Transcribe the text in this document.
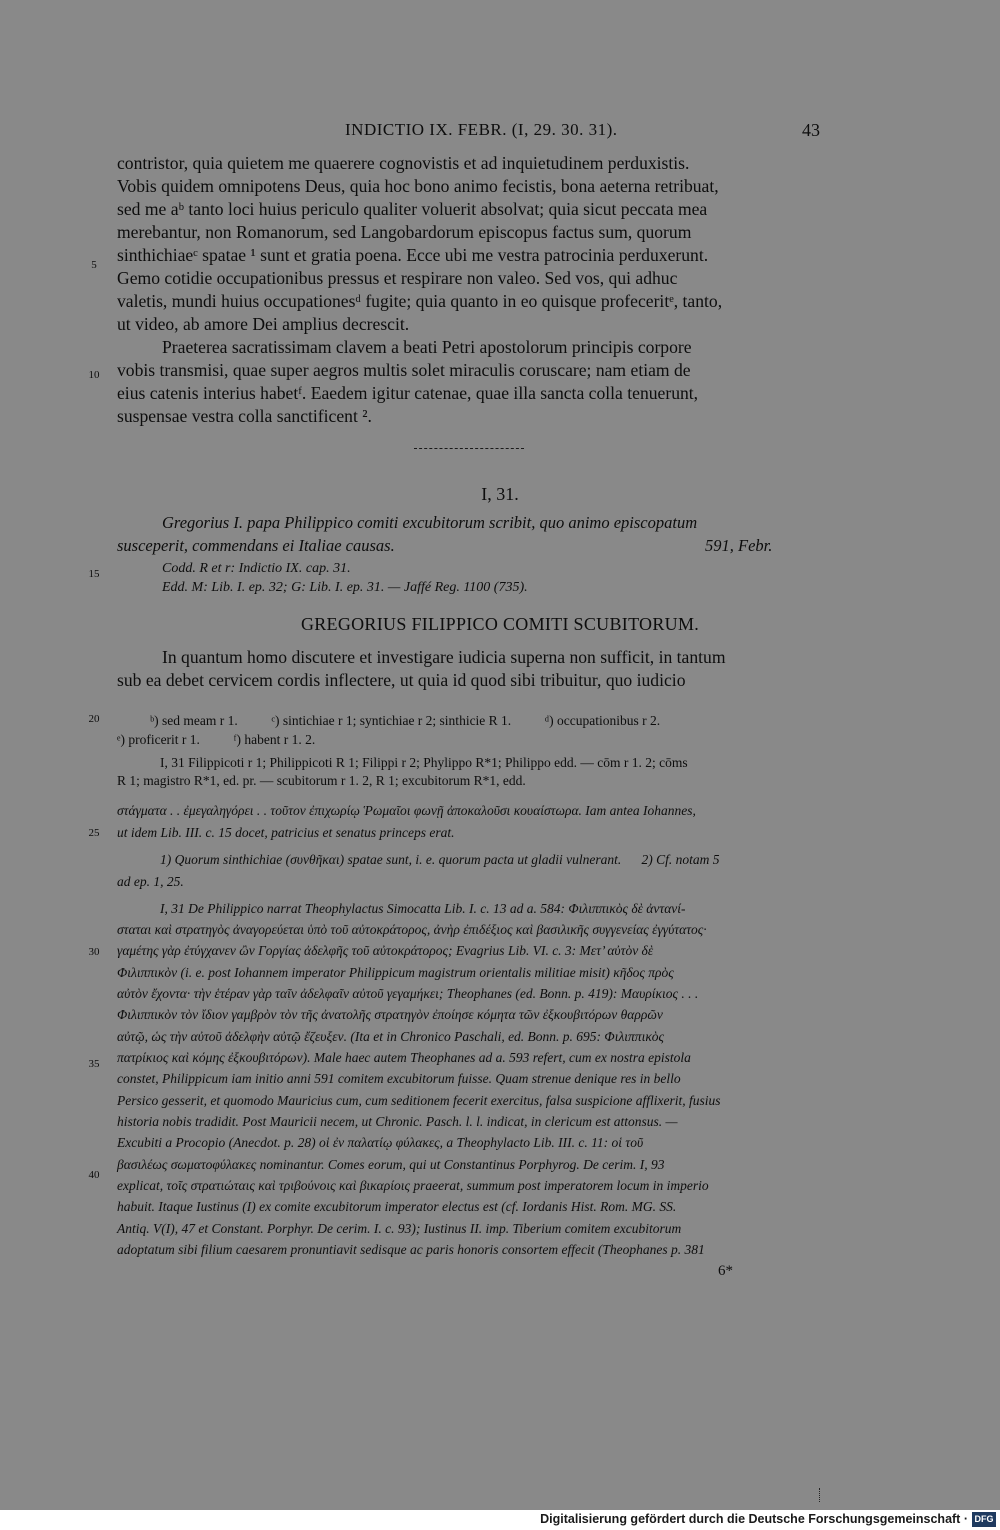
INDICTIO IX. FEBR. (I, 29. 30. 31).	43
contristor, quia quietem me quaerere cognovistis et ad inquietudinem perduxistis.
Vobis quidem omnipotens Deus, quia hoc bono animo fecistis, bona aeterna retribuat,
sed me aᵇ tanto loci huius periculo qualiter voluerit absolvat; quia sicut peccata mea
merebantur, non Romanorum, sed Langobardorum episcopus factus sum, quorum
sinthichiaeᶜ spatae ¹ sunt et gratia poena. Ecce ubi me vestra patrocinia perduxerunt.
Gemo cotidie occupationibus pressus et respirare non valeo. Sed vos, qui adhuc
valetis, mundi huius occupationesᵈ fugite; quia quanto in eo quisque profeceritᵉ, tanto,
ut video, ab amore Dei amplius decrescit.
Praeterea sacratissimam clavem a beati Petri apostolorum principis corpore
vobis transmisi, quae super aegros multis solet miraculis coruscare; nam etiam de
eius catenis interius habetᶠ. Eaedem igitur catenae, quae illa sancta colla tenuerunt,
suspensae vestra colla sanctificent ².
5
10
15
20
25
30
35
40
I, 31.
Gregorius I. papa Philippico comiti excubitorum scribit, quo animo episcopatum
susceperit, commendans ei Italiae causas.	591, Febr.
Codd. R et r: Indictio IX. cap. 31.
Edd. M: Lib. I. ep. 32; G: Lib. I. ep. 31. — Jaffé Reg. 1100 (735).
GREGORIUS FILIPPICO COMITI SCUBITORUM.
In quantum homo discutere et investigare iudicia superna non sufficit, in tantum
sub ea debet cervicem cordis inflectere, ut quia id quod sibi tribuitur, quo iudicio
ᵇ) sed meam r 1.          ᶜ) sintichiae r 1; syntichiae r 2; sinthicie R 1.          ᵈ) occupationibus r 2.
ᵉ) proficerit r 1.          ᶠ) habent r 1. 2.
I, 31 Filippicoti r 1; Philippicoti R 1; Filippi r 2; Phylippo R*1; Philippo edd. — cōm r 1. 2; cōms
R 1; magistro R*1, ed. pr. — scubitorum r 1. 2, R 1; excubitorum R*1, edd.
στάγματα . . ἐμεγαληγόρει . . τοῦτον ἐπιχωρίῳ Ῥωμαῖοι φωνῇ ἀποκαλοῦσι κουαίστωρα. Iam antea Iohannes,
ut idem Lib. III. c. 15 docet, patricius et senatus princeps erat.
1) Quorum sinthichiae (συνθῆκαι) spatae sunt, i. e. quorum pacta ut gladii vulnerant.      2) Cf. notam 5
ad ep. 1, 25.
I, 31 De Philippico narrat Theophylactus Simocatta Lib. I. c. 13 ad a. 584: Φιλιππικὸς δὲ ἀντανί-
σταται καὶ στρατηγὸς ἀναγορεύεται ὑπὸ τοῦ αὐτοκράτορος, ἀνὴρ ἐπιδέξιος καὶ βασιλικῆς συγγενείας ἐγγύτατος·
γαμέτης γὰρ ἐτύγχανεν ὢν Γοργίας ἀδελφῆς τοῦ αὐτοκράτορος; Evagrius Lib. VI. c. 3: Μετ’ αὐτὸν δὲ
Φιλιππικὸν (i. e. post Iohannem imperator Philippicum magistrum orientalis militiae misit) κῆδος πρὸς
αὐτὸν ἔχοντα· τὴν ἑτέραν γὰρ ταῖν ἀδελφαῖν αὐτοῦ γεγαμήκει; Theophanes (ed. Bonn. p. 419): Μαυρίκιος . . .
Φιλιππικὸν τὸν ἴδιον γαμβρὸν τὸν τῆς ἀνατολῆς στρατηγὸν ἐποίησε κόμητα τῶν ἐξκουβιτόρων θαρρῶν
αὐτῷ, ὡς τὴν αὐτοῦ ἀδελφὴν αὐτῷ ἔζευξεν. (Ita et in Chronico Paschali, ed. Bonn. p. 695: Φιλιππικὸς
πατρίκιος καὶ κόμης ἐξκουβιτόρων). Male haec autem Theophanes ad a. 593 refert, cum ex nostra epistola
constet, Philippicum iam initio anni 591 comitem excubitorum fuisse. Quam strenue denique res in bello
Persico gesserit, et quomodo Mauricius cum, cum seditionem fecerit exercitus, falsa suspicione afflixerit, fusius
historia nobis tradidit. Post Mauricii necem, ut Chronic. Pasch. l. l. indicat, in clericum est attonsus. —
Excubiti a Procopio (Anecdot. p. 28) οἱ ἐν παλατίῳ φύλακες, a Theophylacto Lib. III. c. 11: οἱ τοῦ
βασιλέως σωματοφύλακες nominantur. Comes eorum, qui ut Constantinus Porphyrog. De cerim. I, 93
explicat, τοῖς στρατιώταις καὶ τριβούνοις καὶ βικαρίοις praeerat, summum post imperatorem locum in imperio
habuit. Itaque Iustinus (I) ex comite excubitorum imperator electus est (cf. Iordanis Hist. Rom. MG. SS.
Antiq. V(I), 47 et Constant. Porphyr. De cerim. I. c. 93); Iustinus II. imp. Tiberium comitem excubitorum
adoptatum sibi filium caesarem pronuntiavit sedisque ac paris honoris consortem effecit (Theophanes p. 381
6*
Digitalisierung gefördert durch die Deutsche Forschungsgemeinschaft · DFG
